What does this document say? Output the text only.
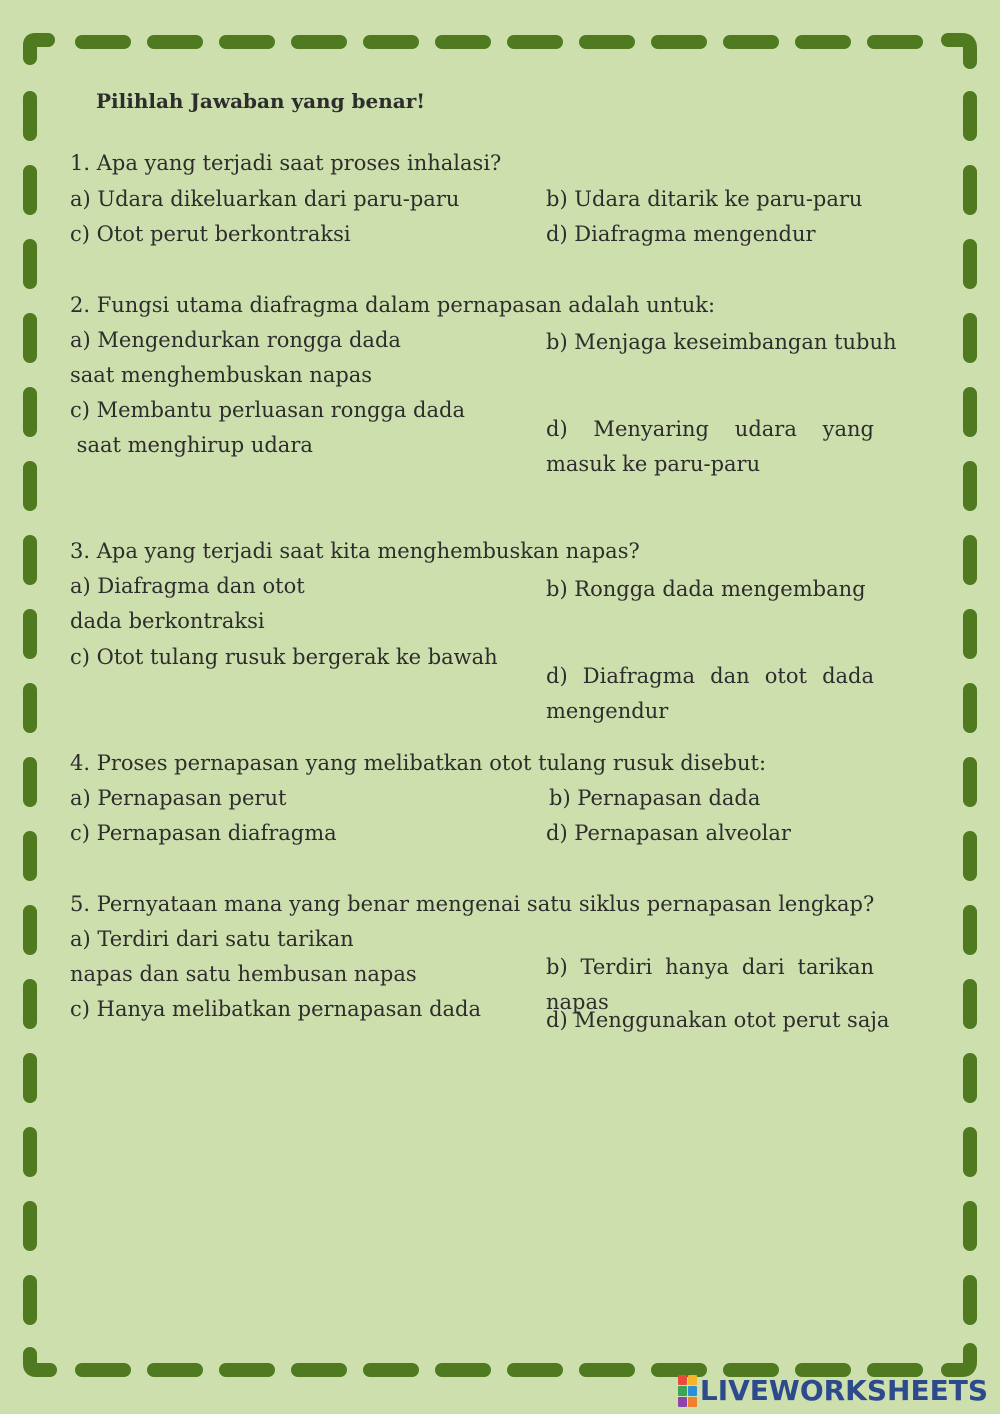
Pilihlah Jawaban yang benar!

1. Apa yang terjadi saat proses inhalasi?

a) Udara dikeluarkan dari paru-paru	b) Udara ditarik ke paru-paru

c) Otot perut berkontraksi	d) Diafragma mengendur

2. Fungsi utama diafragma dalam pernapasan adalah untuk:

a) Mengendurkan rongga dada

saat menghembuskan napas

b) Menjaga keseimbangan tubuh

c) Membantu perluasan rongga dada

saat menghirup udara

d) Menyaring udara yang masuk ke paru-paru

3. Apa yang terjadi saat kita menghembuskan napas?

a) Diafragma dan otot

dada berkontraksi

b) Rongga dada mengembang

c) Otot tulang rusuk bergerak ke bawah

d) Diafragma dan otot dada mengendur

4. Proses pernapasan yang melibatkan otot tulang rusuk disebut:

a) Pernapasan perut	b) Pernapasan dada

c) Pernapasan diafragma	d) Pernapasan alveolar

5. Pernyataan mana yang benar mengenai satu siklus pernapasan lengkap?

a) Terdiri dari satu tarikan

napas dan satu hembusan napas	b) Terdiri hanya dari tarikan napas

c) Hanya melibatkan pernapasan dada	d) Menggunakan otot perut saja

LIVEWORKSHEETS
